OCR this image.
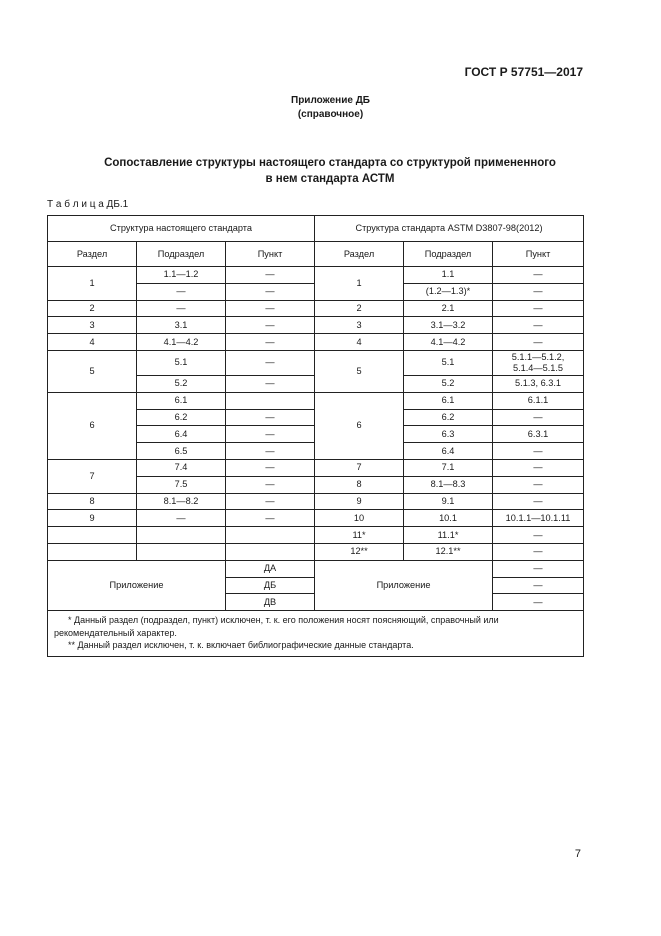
ГОСТ Р 57751—2017
Приложение ДБ
(справочное)
Сопоставление структуры настоящего стандарта со структурой примененного
в нем стандарта АСТМ
Т а б л и ц а ДБ.1
Структура настоящего стандарта			Структура стандарта ASTM D3807-98(2012)		
Раздел	Подраздел	Пункт	Раздел	Подраздел	Пункт
1	1.1—1.2	—	1	1.1	—
	—	—		(1.2—1.3)*	—
2	—	—	2	2.1	—
3	3.1	—	3	3.1—3.2	—
4	4.1—4.2	—	4	4.1—4.2	—
5	5.1	—	5	5.1	5.1.1—5.1.2,
5.1.4—5.1.5

	5.2	—		5.2	5.1.3, 6.3.1
6	6.1		6	6.1	6.1.1
	6.2	—		6.2	—
	6.4	—		6.3	6.3.1
	6.5	—		6.4	—
7	7.4	—	7	7.1	—
	7.5	—	8	8.1—8.3	—
8	8.1—8.2	—	9	9.1	—
9	—	—	10	10.1	10.1.1—10.1.11
			11*	11.1*	—
			12**	12.1**	—
Приложение		ДА	Приложение		—
		ДБ			—
		ДВ			—

* Данный раздел (подраздел, пункт) исключен, т. к. его положения носят поясняющий, справочный или рекомендательный характер.

** Данный раздел исключен, т. к. включает библиографические данные стандарта.					

7
